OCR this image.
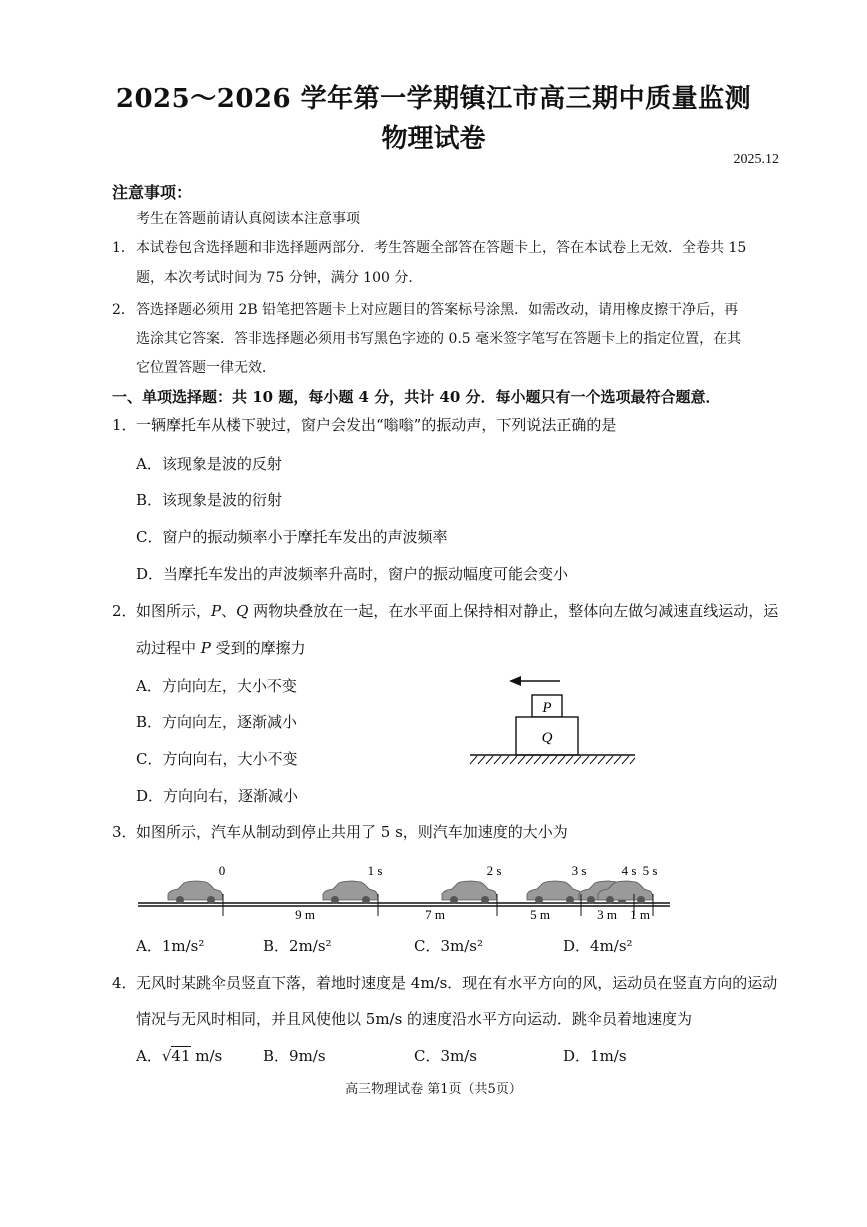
2025～2026 学年第一学期镇江市高三期中质量监测
物理试卷
2025.12
注意事项：
考生在答题前请认真阅读本注意事项
1． 本试卷包含选择题和非选择题两部分．考生答题全部答在答题卡上，答在本试卷上无效．全卷共 15
题，本次考试时间为 75 分钟，满分 100 分．
2． 答选择题必须用 2B 铅笔把答题卡上对应题目的答案标号涂黑．如需改动，请用橡皮擦干净后，再
选涂其它答案．答非选择题必须用书写黑色字迹的 0.5 毫米签字笔写在答题卡上的指定位置，在其
它位置答题一律无效．
一、单项选择题：共 10 题，每小题 4 分，共计 40 分．每小题只有一个选项最符合题意．
1． 一辆摩托车从楼下驶过，窗户会发出“嗡嗡”的振动声，下列说法正确的是
A．该现象是波的反射
B．该现象是波的衍射
C．窗户的振动频率小于摩托车发出的声波频率
D．当摩托车发出的声波频率升高时，窗户的振动幅度可能会变小
2． 如图所示，P、Q 两物块叠放在一起，在水平面上保持相对静止，整体向左做匀减速直线运动，运
动过程中 P 受到的摩擦力
A．方向向左，大小不变
B．方向向左，逐渐减小
C．方向向右，大小不变
D．方向向右，逐渐减小
P
Q
3． 如图所示，汽车从制动到停止共用了 5 s，则汽车加速度的大小为
0	1 s	2 s	3 s	4 s 5 s
9 m	7 m	5 m	3 m 1 m
A．1m/s²	B．2m/s²	C．3m/s²	D．4m/s²
4． 无风时某跳伞员竖直下落，着地时速度是 4m/s．现在有水平方向的风，运动员在竖直方向的运动
情况与无风时相同，并且风使他以 5m/s 的速度沿水平方向运动．跳伞员着地速度为
A．√41 m/s	B．9m/s	C．3m/s	D．1m/s
高三物理试卷 第1页（共5页）
